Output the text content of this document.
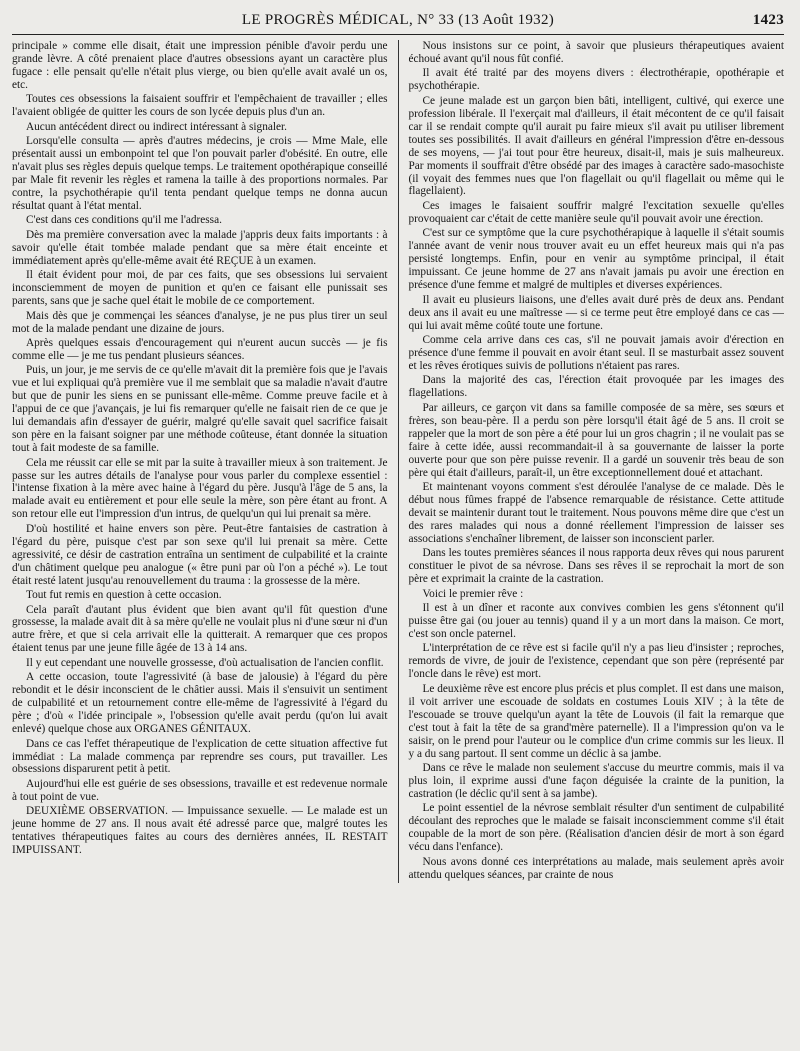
LE PROGRÈS MÉDICAL, N° 33 (13 Août 1932)	1423

principale » comme elle disait, était une impression pénible d'avoir perdu une grande lèvre. A côté prenaient place d'autres obsessions ayant un caractère plus fugace : elle pensait qu'elle n'était plus vierge, ou bien qu'elle avait avalé un os, etc.

Toutes ces obsessions la faisaient souffrir et l'empêchaient de travailler ; elles l'avaient obligée de quitter les cours de son lycée depuis plus d'un an.

Aucun antécédent direct ou indirect intéressant à signaler.

Lorsqu'elle consulta — après d'autres médecins, je crois — Mme Male, elle présentait aussi un embonpoint tel que l'on pouvait parler d'obésité. En outre, elle n'avait plus ses règles depuis quelque temps. Le traitement opothérapique conseillé par Male fit revenir les règles et ramena la taille à des proportions normales. Par contre, la psychothérapie qu'il tenta pendant quelque temps ne donna aucun résultat quant à l'état mental.

C'est dans ces conditions qu'il me l'adressa.

Dès ma première conversation avec la malade j'appris deux faits importants : à savoir qu'elle était tombée malade pendant que sa mère était enceinte et immédiatement après qu'elle-même avait été REÇUE à un examen.

Il était évident pour moi, de par ces faits, que ses obsessions lui servaient inconsciemment de moyen de punition et qu'en ce faisant elle punissait ses parents, sans que je sache quel était le mobile de ce comportement.

Mais dès que je commençai les séances d'analyse, je ne pus plus tirer un seul mot de la malade pendant une dizaine de jours.

Après quelques essais d'encouragement qui n'eurent aucun succès — je fis comme elle — je me tus pendant plusieurs séances.

Puis, un jour, je me servis de ce qu'elle m'avait dit la première fois que je l'avais vue et lui expliquai qu'à première vue il me semblait que sa maladie n'avait d'autre but que de punir les siens en se punissant elle-même. Comme preuve facile et à l'appui de ce que j'avançais, je lui fis remarquer qu'elle ne faisait rien de ce que je lui demandais afin d'essayer de guérir, malgré qu'elle savait quel sacrifice faisait son père en la faisant soigner par une méthode coûteuse, étant donnée la situation tout à fait modeste de sa famille.

Cela me réussit car elle se mit par la suite à travailler mieux à son traitement. Je passe sur les autres détails de l'analyse pour vous parler du complexe essentiel : l'intense fixation à la mère avec haine à l'égard du père. Jusqu'à l'âge de 5 ans, la malade avait eu entièrement et pour elle seule la mère, son père étant au front. A son retour elle eut l'impression d'un intrus, de quelqu'un qui lui prenait sa mère.

D'où hostilité et haine envers son père. Peut-être fantaisies de castration à l'égard du père, puisque c'est par son sexe qu'il lui prenait sa mère. Cette agressivité, ce désir de castration entraîna un sentiment de culpabilité et la crainte d'un châtiment quelque peu analogue (« être puni par où l'on a péché »). Le tout était resté latent jusqu'au renouvellement du trauma : la grossesse de la mère.

Tout fut remis en question à cette occasion.

Cela paraît d'autant plus évident que bien avant qu'il fût question d'une grossesse, la malade avait dit à sa mère qu'elle ne voulait plus ni d'une sœur ni d'un autre frère, et que si cela arrivait elle la quitterait. A remarquer que ces propos étaient tenus par une jeune fille âgée de 13 à 14 ans.

Il y eut cependant une nouvelle grossesse, d'où actualisation de l'ancien conflit.

A cette occasion, toute l'agressivité (à base de jalousie) à l'égard du père rebondit et le désir inconscient de le châtier aussi. Mais il s'ensuivit un sentiment de culpabilité et un retournement contre elle-même de l'agressivité à l'égard du père ; d'où « l'idée principale », l'obsession qu'elle avait perdu (qu'on lui avait enlevé) quelque chose aux ORGANES GÉNITAUX.

Dans ce cas l'effet thérapeutique de l'explication de cette situation affective fut immédiat : La malade commença par reprendre ses cours, put travailler. Les obsessions disparurent petit à petit.

Aujourd'hui elle est guérie de ses obsessions, travaille et est redevenue normale à tout point de vue.

DEUXIÈME OBSERVATION. — Impuissance sexuelle. — Le malade est un jeune homme de 27 ans. Il nous avait été adressé parce que, malgré toutes les tentatives thérapeutiques faites au cours des dernières années, IL RESTAIT IMPUISSANT.

Nous insistons sur ce point, à savoir que plusieurs thérapeutiques avaient échoué avant qu'il nous fût confié.

Il avait été traité par des moyens divers : électrothérapie, opothérapie et psychothérapie.

Ce jeune malade est un garçon bien bâti, intelligent, cultivé, qui exerce une profession libérale. Il l'exerçait mal d'ailleurs, il était mécontent de ce qu'il faisait car il se rendait compte qu'il aurait pu faire mieux s'il avait pu utiliser librement toutes ses possibilités. Il avait d'ailleurs en général l'impression d'être en-dessous de ses moyens, — j'ai tout pour être heureux, disait-il, mais je suis malheureux. Par moments il souffrait d'être obsédé par des images à caractère sado-masochiste (il voyait des femmes nues que l'on flagellait ou qu'il flagellait ou même qui le flagellaient).

Ces images le faisaient souffrir malgré l'excitation sexuelle qu'elles provoquaient car c'était de cette manière seule qu'il pouvait avoir une érection.

C'est sur ce symptôme que la cure psychothérapique à laquelle il s'était soumis l'année avant de venir nous trouver avait eu un effet heureux mais qui n'a pas persisté longtemps. Enfin, pour en venir au symptôme principal, il était impuissant. Ce jeune homme de 27 ans n'avait jamais pu avoir une érection en présence d'une femme et malgré de multiples et diverses expériences.

Il avait eu plusieurs liaisons, une d'elles avait duré près de deux ans. Pendant deux ans il avait eu une maîtresse — si ce terme peut être employé dans ce cas — qui lui avait même coûté toute une fortune.

Comme cela arrive dans ces cas, s'il ne pouvait jamais avoir d'érection en présence d'une femme il pouvait en avoir étant seul. Il se masturbait assez souvent et les rêves érotiques suivis de pollutions n'étaient pas rares.

Dans la majorité des cas, l'érection était provoquée par les images des flagellations.

Par ailleurs, ce garçon vit dans sa famille composée de sa mère, ses sœurs et frères, son beau-père. Il a perdu son père lorsqu'il était âgé de 5 ans. Il croit se rappeler que la mort de son père a été pour lui un gros chagrin ; il ne voulait pas se faire à cette idée, aussi recommandait-il à sa gouvernante de laisser la porte ouverte pour que son père puisse revenir. Il a gardé un souvenir très beau de son père qui était d'ailleurs, paraît-il, un être exceptionnellement doué et attachant.

Et maintenant voyons comment s'est déroulée l'analyse de ce malade. Dès le début nous fûmes frappé de l'absence remarquable de résistance. Cette attitude devait se maintenir durant tout le traitement. Nous pouvons même dire que c'est un des rares malades qui nous a donné réellement l'impression de laisser ses associations s'enchaîner librement, de laisser son inconscient parler.

Dans les toutes premières séances il nous rapporta deux rêves qui nous parurent constituer le pivot de sa névrose. Dans ses rêves il se reprochait la mort de son père et exprimait la crainte de la castration.

Voici le premier rêve :

Il est à un dîner et raconte aux convives combien les gens s'étonnent qu'il puisse être gai (ou jouer au tennis) quand il y a un mort dans la maison. Ce mort, c'est son oncle paternel.

L'interprétation de ce rêve est si facile qu'il n'y a pas lieu d'insister ; reproches, remords de vivre, de jouir de l'existence, cependant que son père (représenté par l'oncle dans le rêve) est mort.

Le deuxième rêve est encore plus précis et plus complet. Il est dans une maison, il voit arriver une escouade de soldats en costumes Louis XIV ; à la tête de l'escouade se trouve quelqu'un ayant la tête de Louvois (il fait la remarque que c'est tout à fait la tête de sa grand'mère paternelle). Il a l'impression qu'on va le saisir, on le prend pour l'auteur ou le complice d'un crime commis sur les lieux. Il y a du sang partout. Il sent comme un déclic à sa jambe.

Dans ce rêve le malade non seulement s'accuse du meurtre commis, mais il va plus loin, il exprime aussi d'une façon déguisée la crainte de la punition, la castration (le déclic qu'il sent à sa jambe).

Le point essentiel de la névrose semblait résulter d'un sentiment de culpabilité découlant des reproches que le malade se faisait inconsciemment comme s'il était coupable de la mort de son père. (Réalisation d'ancien désir de mort à son égard vécu dans l'enfance).

Nous avons donné ces interprétations au malade, mais seulement après avoir attendu quelques séances, par crainte de nous
